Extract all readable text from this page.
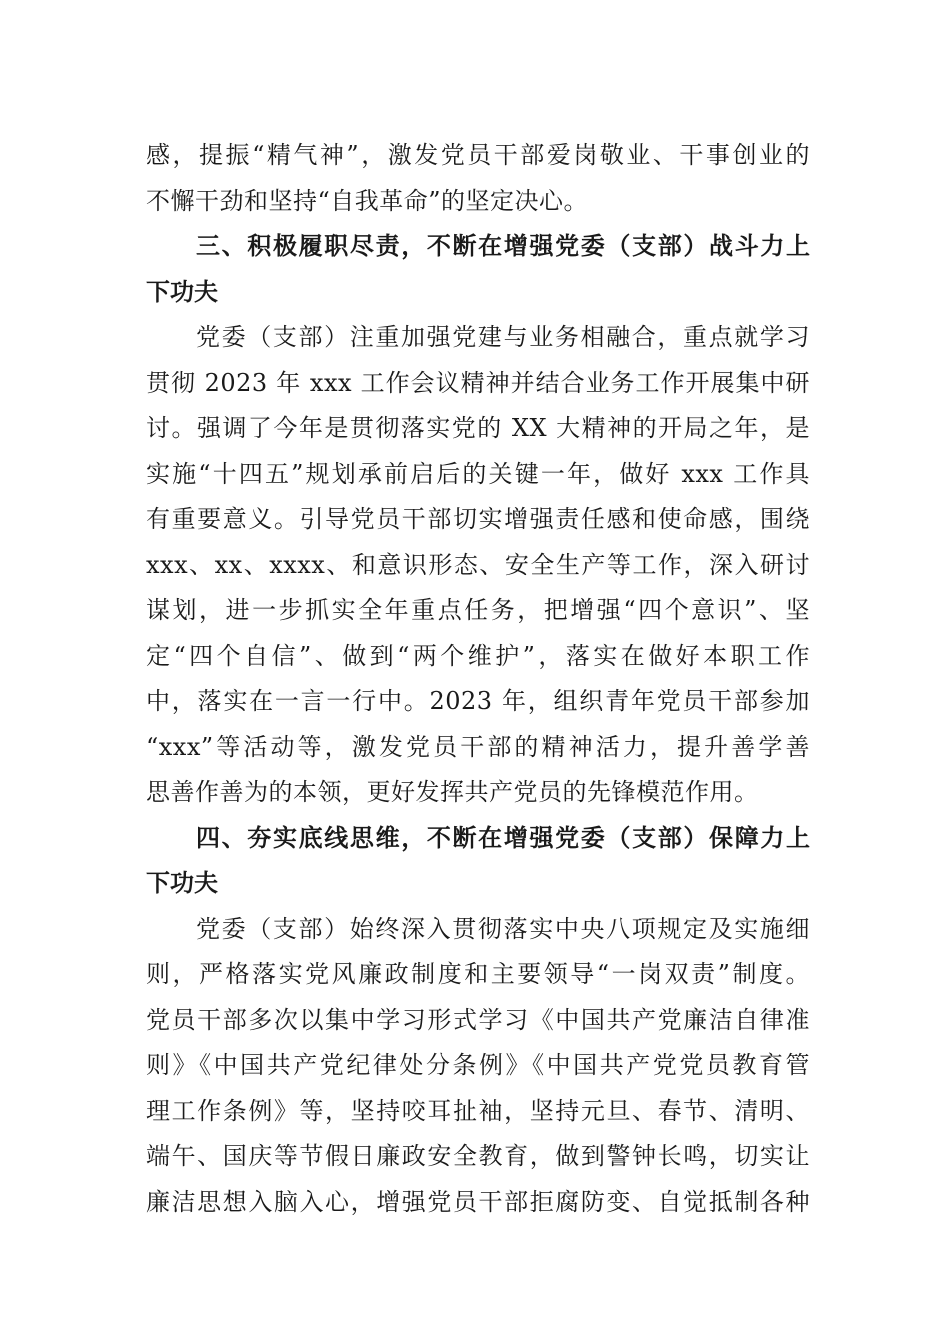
感，提振“精气神”，激发党员干部爱岗敬业、干事创业的
不懈干劲和坚持“自我革命”的坚定决心。
三、积极履职尽责，不断在增强党委（支部）战斗力上
下功夫
党委（支部）注重加强党建与业务相融合，重点就学习
贯彻 2023 年 xxx 工作会议精神并结合业务工作开展集中研
讨。强调了今年是贯彻落实党的 XX 大精神的开局之年，是
实施“十四五”规划承前启后的关键一年，做好 xxx 工作具
有重要意义。引导党员干部切实增强责任感和使命感，围绕
xxx、xx、xxxx、和意识形态、安全生产等工作，深入研讨
谋划，进一步抓实全年重点任务，把增强“四个意识”、坚
定“四个自信”、做到“两个维护”，落实在做好本职工作
中，落实在一言一行中。2023 年，组织青年党员干部参加
“xxx”等活动等，激发党员干部的精神活力，提升善学善
思善作善为的本领，更好发挥共产党员的先锋模范作用。
四、夯实底线思维，不断在增强党委（支部）保障力上
下功夫
党委（支部）始终深入贯彻落实中央八项规定及实施细
则，严格落实党风廉政制度和主要领导“一岗双责”制度。
党员干部多次以集中学习形式学习《中国共产党廉洁自律准
则》《中国共产党纪律处分条例》《中国共产党党员教育管
理工作条例》等，坚持咬耳扯袖，坚持元旦、春节、清明、
端午、国庆等节假日廉政安全教育，做到警钟长鸣，切实让
廉洁思想入脑入心，增强党员干部拒腐防变、自觉抵制各种
